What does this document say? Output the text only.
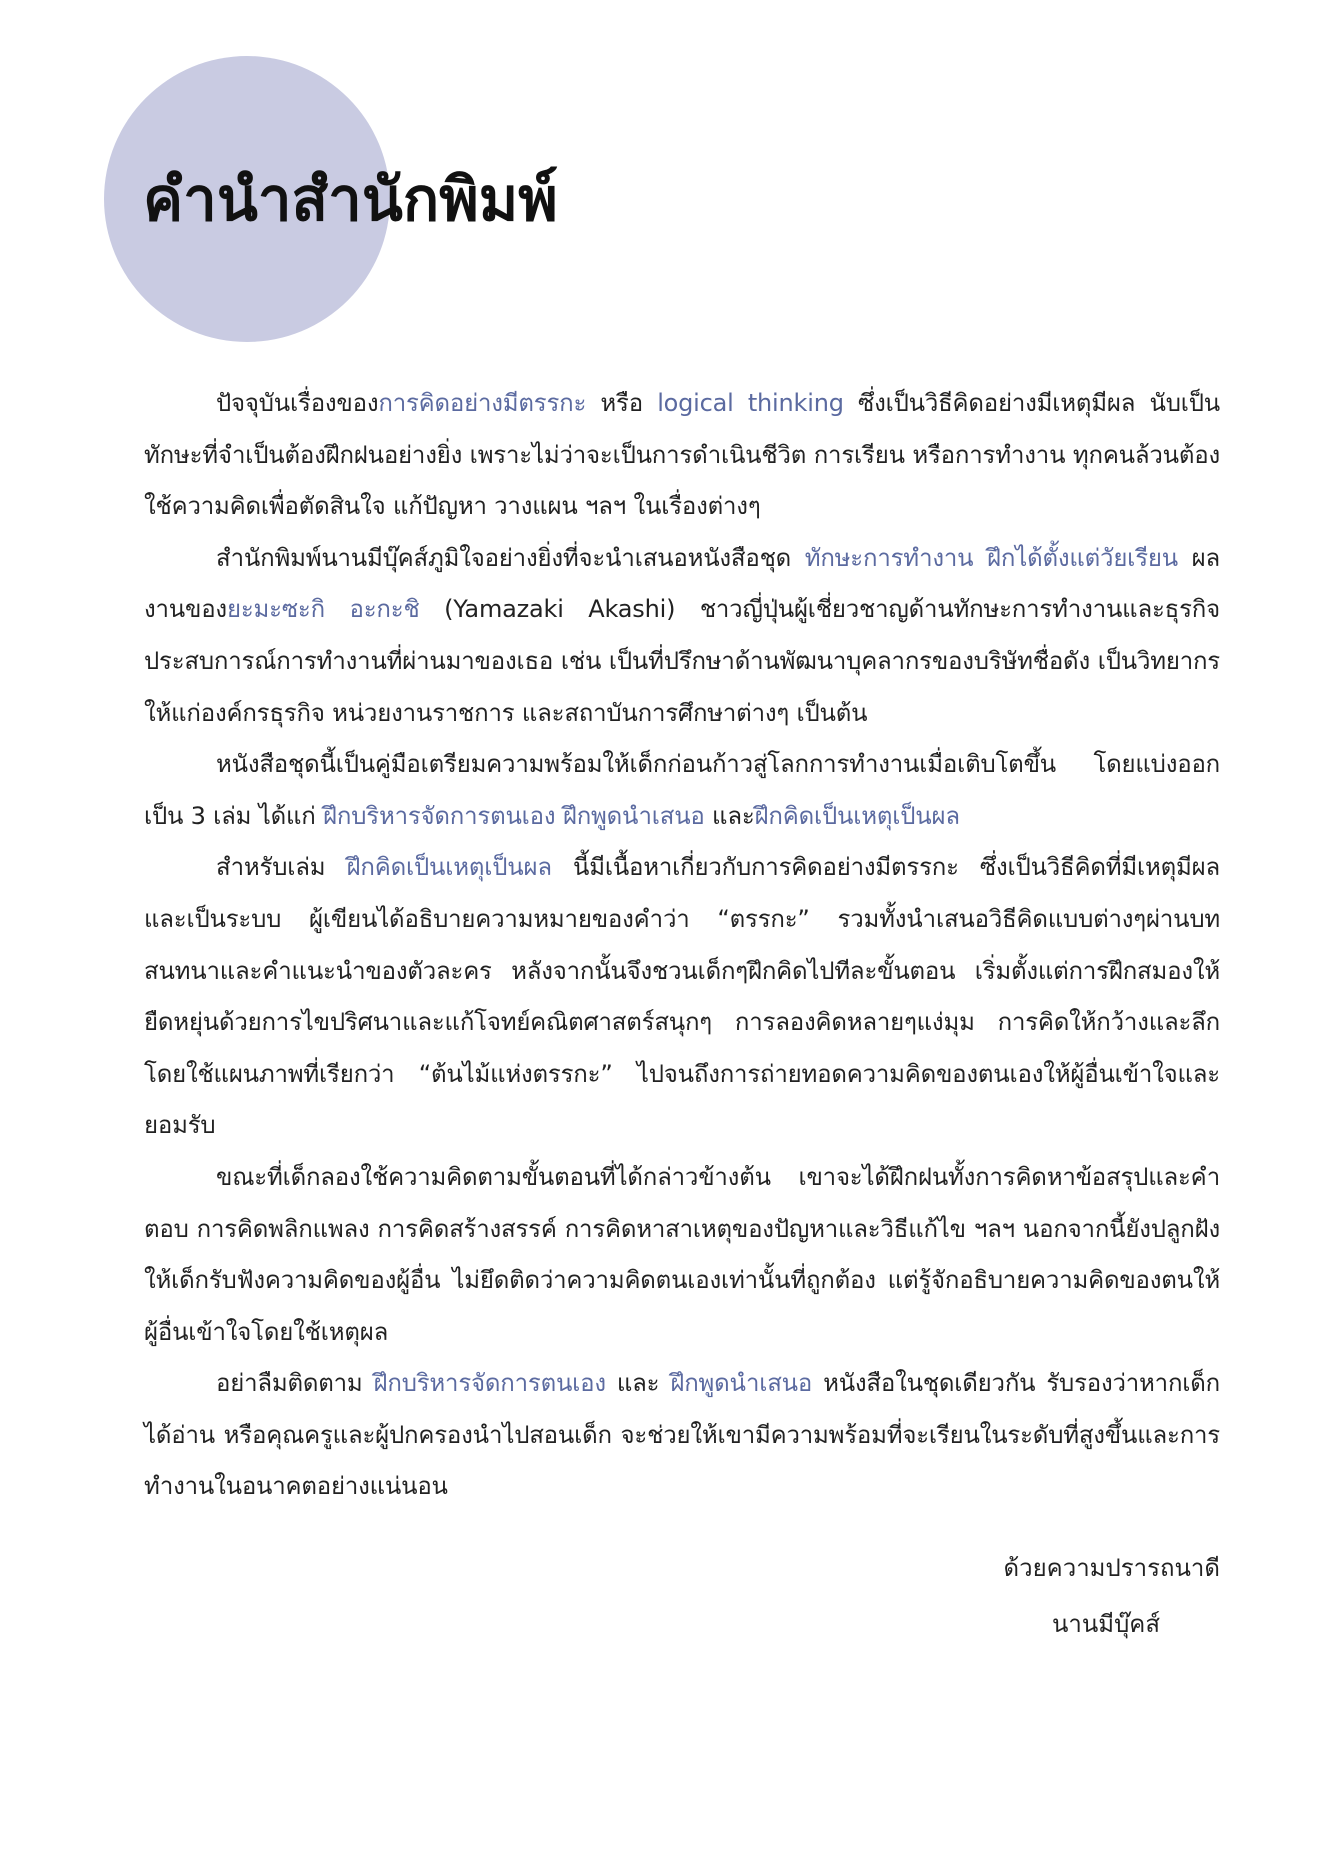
คำนำสำนักพิมพ์

ปัจจุบันเรื่องของการคิดอย่างมีตรรกะ หรือ logical thinking ซึ่งเป็นวิธีคิดอย่างมีเหตุมีผล นับเป็นทักษะที่จำเป็นต้องฝึกฝนอย่างยิ่ง เพราะไม่ว่าจะเป็นการดำเนินชีวิต การเรียน หรือการทำงาน ทุกคนล้วนต้องใช้ความคิดเพื่อตัดสินใจ แก้ปัญหา วางแผน ฯลฯ ในเรื่องต่างๆ

สำนักพิมพ์นานมีบุ๊คส์ภูมิใจอย่างยิ่งที่จะนำเสนอหนังสือชุด ทักษะการทำงาน ฝึกได้ตั้งแต่วัยเรียน ผลงานของยะมะซะกิ อะกะชิ (Yamazaki Akashi) ชาวญี่ปุ่นผู้เชี่ยวชาญด้านทักษะการทำงานและธุรกิจ ประสบการณ์การทำงานที่ผ่านมาของเธอ เช่น เป็นที่ปรึกษาด้านพัฒนาบุคลากรของบริษัทชื่อดัง เป็นวิทยากรให้แก่องค์กรธุรกิจ หน่วยงานราชการ และสถาบันการศึกษาต่างๆ เป็นต้น

หนังสือชุดนี้เป็นคู่มือเตรียมความพร้อมให้เด็กก่อนก้าวสู่โลกการทำงานเมื่อเติบโตขึ้น โดยแบ่งออกเป็น 3 เล่ม ได้แก่ ฝึกบริหารจัดการตนเอง ฝึกพูดนำเสนอ และฝึกคิดเป็นเหตุเป็นผล

สำหรับเล่ม ฝึกคิดเป็นเหตุเป็นผล นี้มีเนื้อหาเกี่ยวกับการคิดอย่างมีตรรกะ ซึ่งเป็นวิธีคิดที่มีเหตุมีผลและเป็นระบบ ผู้เขียนได้อธิบายความหมายของคำว่า “ตรรกะ” รวมทั้งนำเสนอวิธีคิดแบบต่างๆผ่านบทสนทนาและคำแนะนำของตัวละคร หลังจากนั้นจึงชวนเด็กๆฝึกคิดไปทีละขั้นตอน เริ่มตั้งแต่การฝึกสมองให้ยืดหยุ่นด้วยการไขปริศนาและแก้โจทย์คณิตศาสตร์สนุกๆ การลองคิดหลายๆแง่มุม การคิดให้กว้างและลึกโดยใช้แผนภาพที่เรียกว่า “ต้นไม้แห่งตรรกะ” ไปจนถึงการถ่ายทอดความคิดของตนเองให้ผู้อื่นเข้าใจและยอมรับ

ขณะที่เด็กลองใช้ความคิดตามขั้นตอนที่ได้กล่าวข้างต้น เขาจะได้ฝึกฝนทั้งการคิดหาข้อสรุปและคำตอบ การคิดพลิกแพลง การคิดสร้างสรรค์ การคิดหาสาเหตุของปัญหาและวิธีแก้ไข ฯลฯ นอกจากนี้ยังปลูกฝังให้เด็กรับฟังความคิดของผู้อื่น ไม่ยึดติดว่าความคิดตนเองเท่านั้นที่ถูกต้อง แต่รู้จักอธิบายความคิดของตนให้ผู้อื่นเข้าใจโดยใช้เหตุผล

อย่าลืมติดตาม ฝึกบริหารจัดการตนเอง และ ฝึกพูดนำเสนอ หนังสือในชุดเดียวกัน รับรองว่าหากเด็กได้อ่าน หรือคุณครูและผู้ปกครองนำไปสอนเด็ก จะช่วยให้เขามีความพร้อมที่จะเรียนในระดับที่สูงขึ้นและการทำงานในอนาคตอย่างแน่นอน

ด้วยความปรารถนาดี
นานมีบุ๊คส์
